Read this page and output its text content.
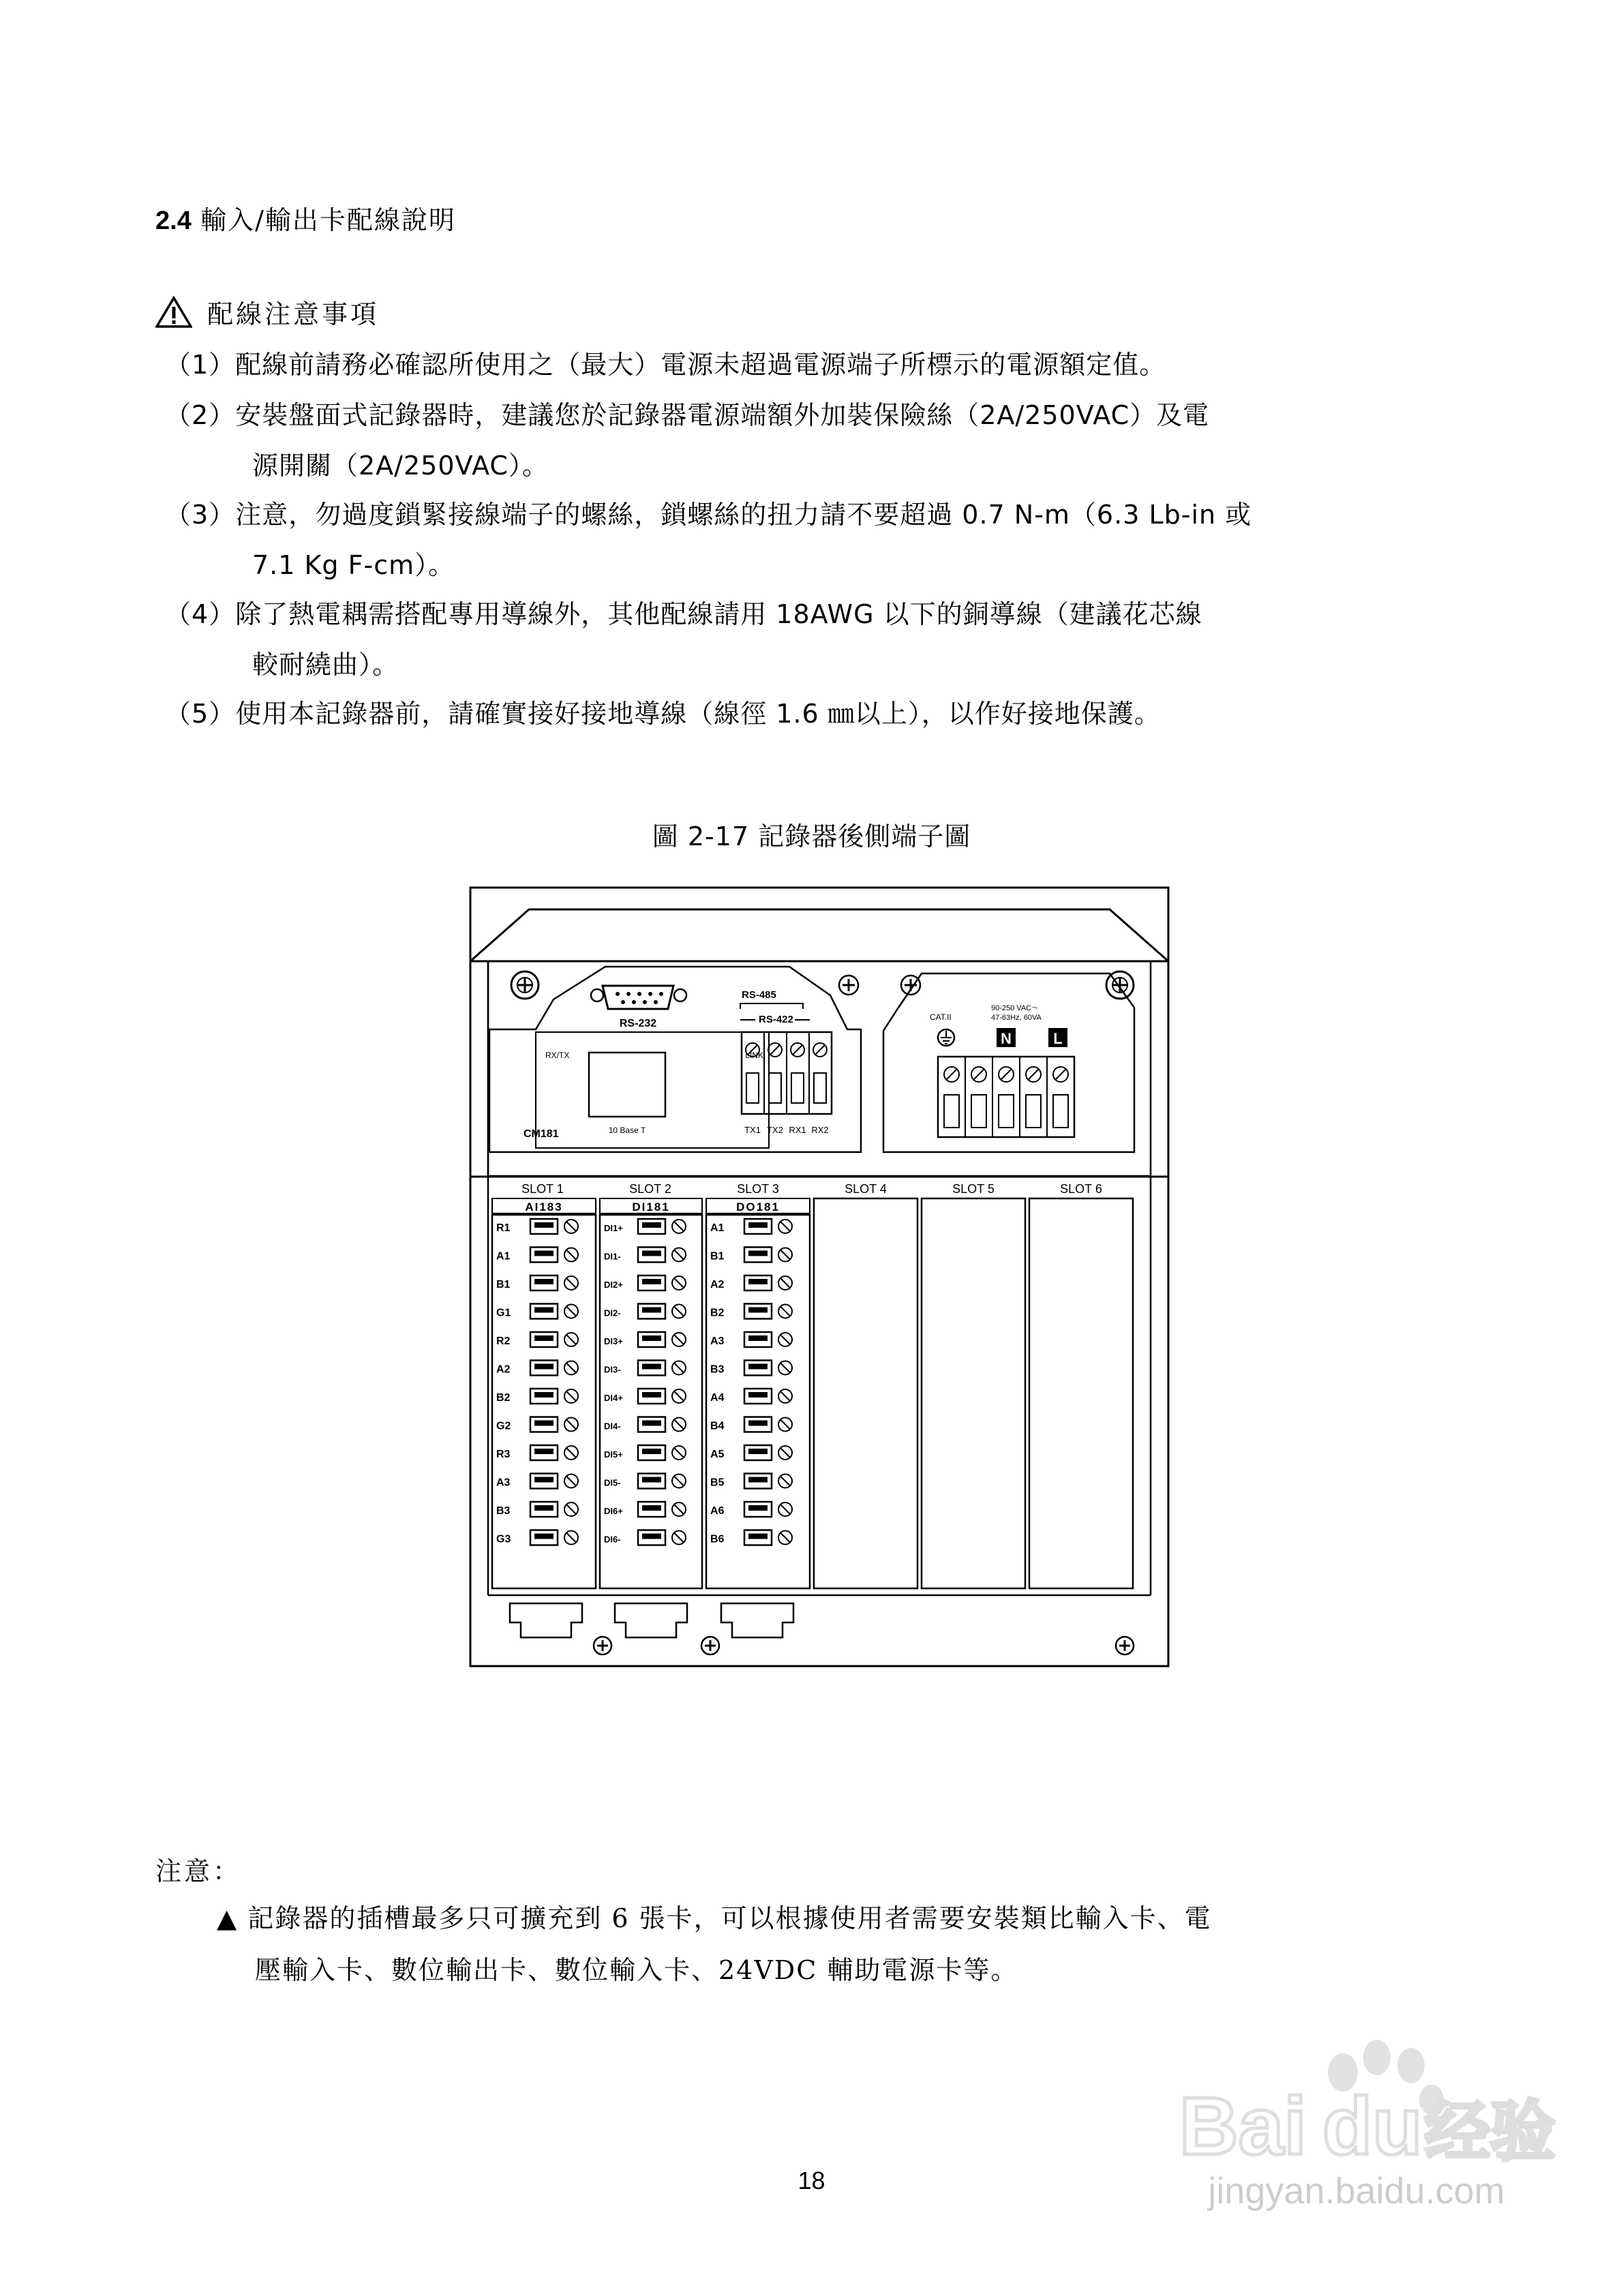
2.4 輸入/輸出卡配線說明
配線注意事項
（1）配線前請務必確認所使用之（最大）電源未超過電源端子所標示的電源額定值。
（2）安裝盤面式記錄器時，建議您於記錄器電源端額外加裝保險絲（2A/250VAC）及電
源開關（2A/250VAC）。
（3）注意，勿過度鎖緊接線端子的螺絲，鎖螺絲的扭力請不要超過 0.7 N-m（6.3 Lb-in 或
7.1 Kg F-cm）。
（4）除了熱電耦需搭配專用導線外，其他配線請用 18AWG 以下的銅導線（建議花芯線
較耐繞曲）。
（5）使用本記錄器前，請確實接好接地導線（線徑 1.6 ㎜以上），以作好接地保護。
圖 2-17 記錄器後側端子圖
RS-232
RX/TX	LINK
10 Base T
CM181
RS-485
RS-422
TX1 TX2 RX1 RX2
CAT.II
90-250 VAC～
47-63Hz, 60VA
N	L
SLOT 1	SLOT 2	SLOT 3	SLOT 4	SLOT 5	SLOT 6
AI183	DI181	DO181
R1
A1
B1
G1
R2
A2
B2
G2
R3
A3
B3
G3
DI1+
DI1-
DI2+
DI2-
DI3+
DI3-
DI4+
DI4-
DI5+
DI5-
DI6+
DI6-
A1
B1
A2
B2
A3
B3
A4
B4
A5
B5
A6
B6
注意：
▲ 記錄器的插槽最多只可擴充到 6 張卡，可以根據使用者需要安裝類比輸入卡、電
壓輸入卡、數位輸出卡、數位輸入卡、24VDC 輔助電源卡等。
18
Bai du 经验
jingyan.baidu.com
